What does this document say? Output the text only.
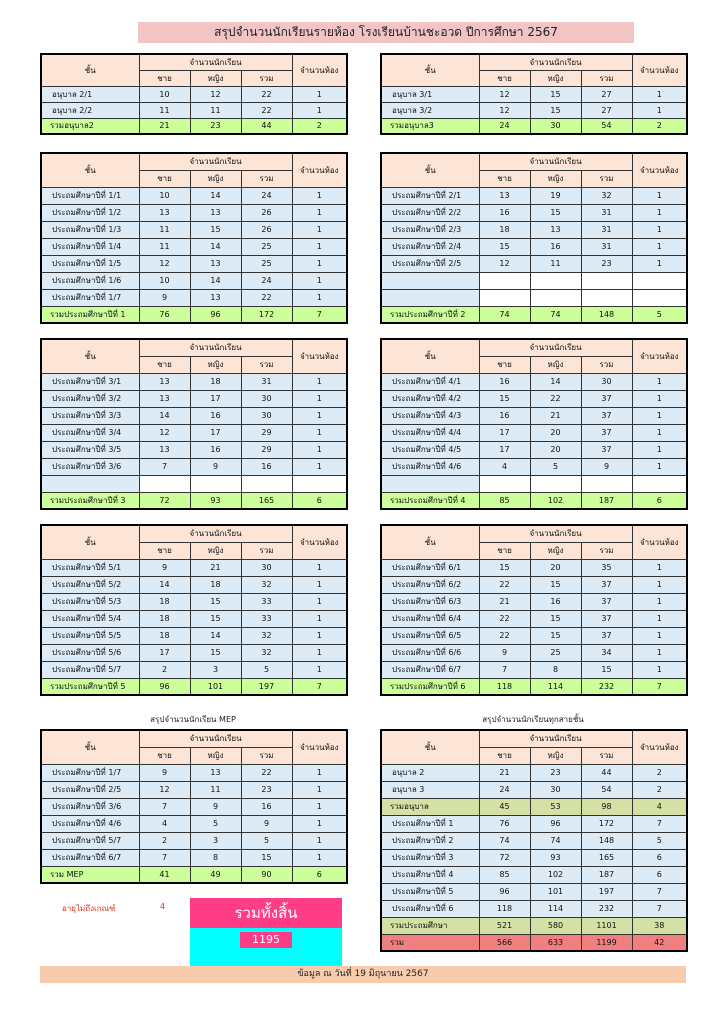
สรุปจำนวนนักเรียนรายห้อง โรงเรียนบ้านชะอวด ปีการศึกษา 2567
ชั้น	จำนวนนักเรียน			จำนวนห้อง
	ชาย	หญิง	รวม	
อนุบาล 2/1	10	12	22	1
อนุบาล 2/2	11	11	22	1
รวมอนุบาล2	21	23	44	2
ชั้น	จำนวนนักเรียน			จำนวนห้อง
	ชาย	หญิง	รวม	
อนุบาล 3/1	12	15	27	1
อนุบาล 3/2	12	15	27	1
รวมอนุบาล3	24	30	54	2
ชั้น	จำนวนนักเรียน			จำนวนห้อง
	ชาย	หญิง	รวม	
ประถมศึกษาปีที่ 1/1	10	14	24	1
ประถมศึกษาปีที่ 1/2	13	13	26	1
ประถมศึกษาปีที่ 1/3	11	15	26	1
ประถมศึกษาปีที่ 1/4	11	14	25	1
ประถมศึกษาปีที่ 1/5	12	13	25	1
ประถมศึกษาปีที่ 1/6	10	14	24	1
ประถมศึกษาปีที่ 1/7	9	13	22	1
รวมประถมศึกษาปีที่ 1	76	96	172	7
ชั้น	จำนวนนักเรียน			จำนวนห้อง
	ชาย	หญิง	รวม	
ประถมศึกษาปีที่ 2/1	13	19	32	1
ประถมศึกษาปีที่ 2/2	16	15	31	1
ประถมศึกษาปีที่ 2/3	18	13	31	1
ประถมศึกษาปีที่ 2/4	15	16	31	1
ประถมศึกษาปีที่ 2/5	12	11	23	1

รวมประถมศึกษาปีที่ 2	74	74	148	5
ชั้น	จำนวนนักเรียน			จำนวนห้อง
	ชาย	หญิง	รวม	
ประถมศึกษาปีที่ 3/1	13	18	31	1
ประถมศึกษาปีที่ 3/2	13	17	30	1
ประถมศึกษาปีที่ 3/3	14	16	30	1
ประถมศึกษาปีที่ 3/4	12	17	29	1
ประถมศึกษาปีที่ 3/5	13	16	29	1
ประถมศึกษาปีที่ 3/6	7	9	16	1

รวมประถมศึกษาปีที่ 3	72	93	165	6
ชั้น	จำนวนนักเรียน			จำนวนห้อง
	ชาย	หญิง	รวม	
ประถมศึกษาปีที่ 4/1	16	14	30	1
ประถมศึกษาปีที่ 4/2	15	22	37	1
ประถมศึกษาปีที่ 4/3	16	21	37	1
ประถมศึกษาปีที่ 4/4	17	20	37	1
ประถมศึกษาปีที่ 4/5	17	20	37	1
ประถมศึกษาปีที่ 4/6	4	5	9	1

รวมประถมศึกษาปีที่ 4	85	102	187	6
ชั้น	จำนวนนักเรียน			จำนวนห้อง
	ชาย	หญิง	รวม	
ประถมศึกษาปีที่ 5/1	9	21	30	1
ประถมศึกษาปีที่ 5/2	14	18	32	1
ประถมศึกษาปีที่ 5/3	18	15	33	1
ประถมศึกษาปีที่ 5/4	18	15	33	1
ประถมศึกษาปีที่ 5/5	18	14	32	1
ประถมศึกษาปีที่ 5/6	17	15	32	1
ประถมศึกษาปีที่ 5/7	2	3	5	1
รวมประถมศึกษาปีที่ 5	96	101	197	7
ชั้น	จำนวนนักเรียน			จำนวนห้อง
	ชาย	หญิง	รวม	
ประถมศึกษาปีที่ 6/1	15	20	35	1
ประถมศึกษาปีที่ 6/2	22	15	37	1
ประถมศึกษาปีที่ 6/3	21	16	37	1
ประถมศึกษาปีที่ 6/4	22	15	37	1
ประถมศึกษาปีที่ 6/5	22	15	37	1
ประถมศึกษาปีที่ 6/6	9	25	34	1
ประถมศึกษาปีที่ 6/7	7	8	15	1
รวมประถมศึกษาปีที่ 6	118	114	232	7
สรุปจำนวนนักเรียน MEP
ชั้น	จำนวนนักเรียน			จำนวนห้อง
	ชาย	หญิง	รวม	
ประถมศึกษาปีที่ 1/7	9	13	22	1
ประถมศึกษาปีที่ 2/5	12	11	23	1
ประถมศึกษาปีที่ 3/6	7	9	16	1
ประถมศึกษาปีที่ 4/6	4	5	9	1
ประถมศึกษาปีที่ 5/7	2	3	5	1
ประถมศึกษาปีที่ 6/7	7	8	15	1
รวม MEP	41	49	90	6
สรุปจำนวนนักเรียนทุกสายชั้น
ชั้น	จำนวนนักเรียน			จำนวนห้อง
	ชาย	หญิง	รวม	
อนุบาล 2	21	23	44	2
อนุบาล 3	24	30	54	2
รวมอนุบาล	45	53	98	4
ประถมศึกษาปีที่ 1	76	96	172	7
ประถมศึกษาปีที่ 2	74	74	148	5
ประถมศึกษาปีที่ 3	72	93	165	6
ประถมศึกษาปีที่ 4	85	102	187	6
ประถมศึกษาปีที่ 5	96	101	197	7
ประถมศึกษาปีที่ 6	118	114	232	7
รวมประถมศึกษา	521	580	1101	38
รวม	566	633	1199	42
อายุไม่ถึงเกณฑ์	4	รวมทั้งสิ้น
1195
ข้อมูล ณ วันที่ 19 มิถุนายน 2567
